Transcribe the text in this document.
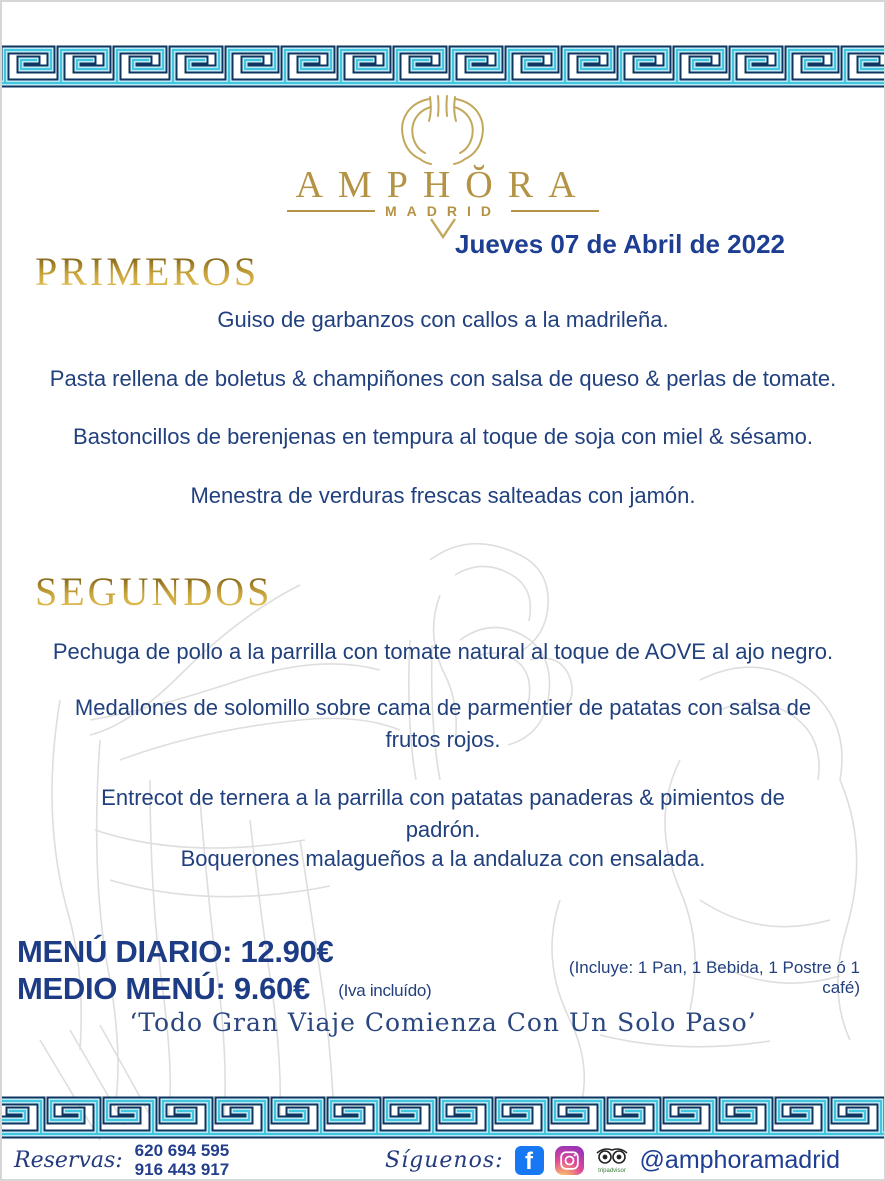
AMPHŎRA
MADRID
Jueves 07 de Abril de 2022
PRIMEROS
Guiso de garbanzos con callos a la madrileña.
Pasta rellena de boletus & champiñones con salsa de queso & perlas de tomate.
Bastoncillos de berenjenas en tempura al toque de soja con miel & sésamo.
Menestra de verduras frescas salteadas con jamón.
SEGUNDOS
Pechuga de pollo a la parrilla con tomate natural al toque de AOVE al ajo negro.
Medallones de solomillo sobre cama de parmentier de patatas con salsa de frutos rojos.
Entrecot de ternera a la parrilla con patatas panaderas & pimientos de padrón.
Boquerones malagueños a la andaluza con ensalada.
MENÚ DIARIO: 12.90€
MEDIO MENÚ: 9.60€ (Iva incluído)
(Incluye: 1 Pan, 1 Bebida, 1 Postre ó 1 café)
‘Todo Gran Viaje Comienza Con Un Solo Paso’
Reservas: 620 694 595
916 443 917	Síguenos: f	tripadvisor @amphoramadrid
